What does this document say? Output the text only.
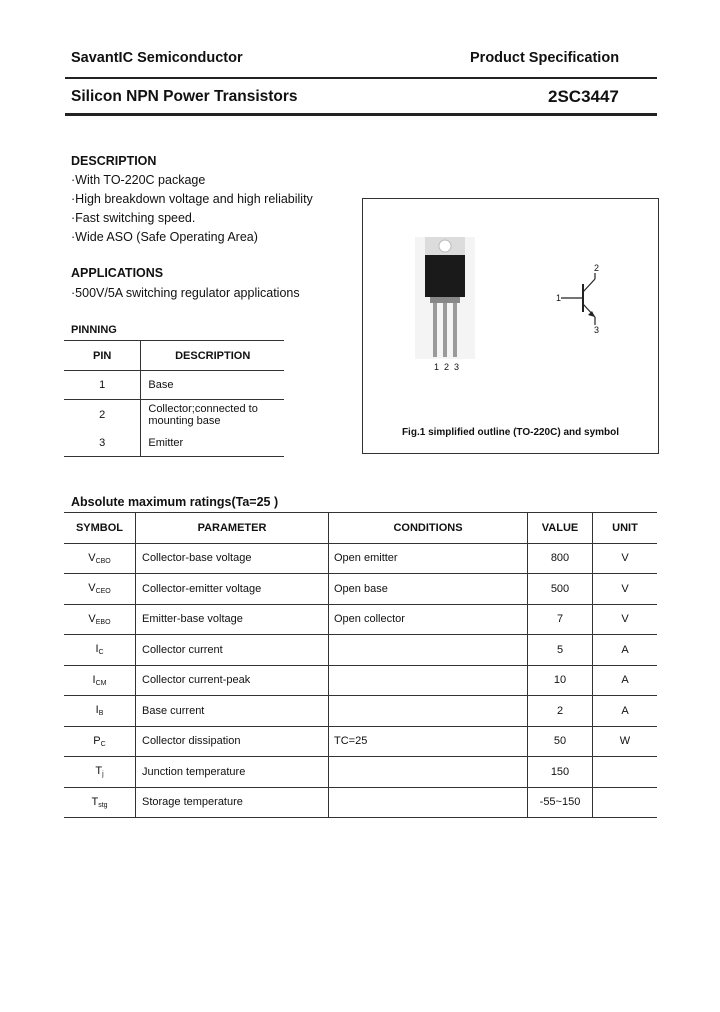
SavantIC Semiconductor	Product Specification
Silicon NPN Power Transistors	2SC3447
DESCRIPTION
·With TO-220C package
·High breakdown voltage and high reliability
·Fast switching speed.
·Wide ASO (Safe Operating Area)
APPLICATIONS
·500V/5A switching regulator applications
PINNING
PIN	DESCRIPTION
1	Base
2	Collector;connected to mounting base
3	Emitter
1  2  3
1
2
3
Fig.1 simplified outline (TO-220C) and symbol
Absolute maximum ratings(Ta=25 )
SYMBOL	PARAMETER	CONDITIONS	VALUE	UNIT
$V_{CBO}$	Collector-base voltage	Open emitter	800	V
$V_{CEO}$	Collector-emitter voltage	Open base	500	V
$V_{EBO}$	Emitter-base voltage	Open collector	7	V
$I_C$	Collector current		5	A
$I_{CM}$	Collector current-peak		10	A
$I_B$	Base current		2	A
$P_C$	Collector dissipation	TC=25	50	W
$T_j$	Junction temperature		150	
$T_{stg}$	Storage temperature		-55~150	
